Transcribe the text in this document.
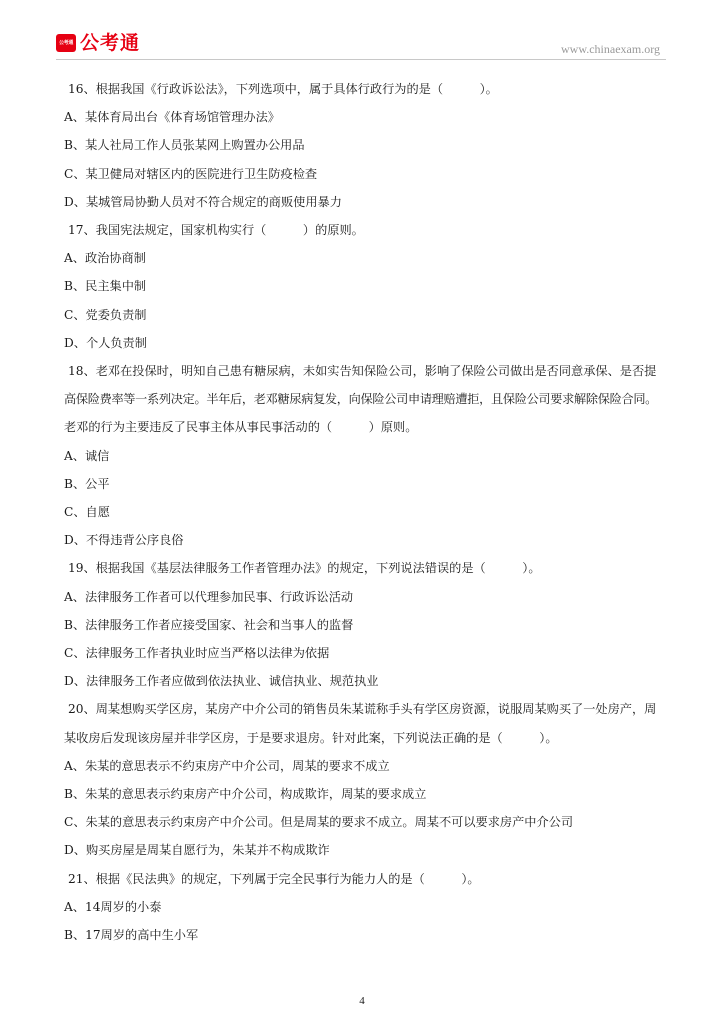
公考通 公考通	www.chinaexam.org
16、根据我国《行政诉讼法》，下列选项中，属于具体行政行为的是（　　　）。
A、某体育局出台《体育场馆管理办法》
B、某人社局工作人员张某网上购置办公用品
C、某卫健局对辖区内的医院进行卫生防疫检查
D、某城管局协勤人员对不符合规定的商贩使用暴力
17、我国宪法规定，国家机构实行（　　　）的原则。
A、政治协商制
B、民主集中制
C、党委负责制
D、个人负责制
18、老邓在投保时，明知自己患有糖尿病，未如实告知保险公司，影响了保险公司做出是否同意承保、是否提
高保险费率等一系列决定。半年后，老邓糖尿病复发，向保险公司申请理赔遭拒，且保险公司要求解除保险合同。
老邓的行为主要违反了民事主体从事民事活动的（　　　）原则。
A、诚信
B、公平
C、自愿
D、不得违背公序良俗
19、根据我国《基层法律服务工作者管理办法》的规定，下列说法错误的是（　　　）。
A、法律服务工作者可以代理参加民事、行政诉讼活动
B、法律服务工作者应接受国家、社会和当事人的监督
C、法律服务工作者执业时应当严格以法律为依据
D、法律服务工作者应做到依法执业、诚信执业、规范执业
20、周某想购买学区房，某房产中介公司的销售员朱某谎称手头有学区房资源，说服周某购买了一处房产，周
某收房后发现该房屋并非学区房，于是要求退房。针对此案，下列说法正确的是（　　　）。
A、朱某的意思表示不约束房产中介公司，周某的要求不成立
B、朱某的意思表示约束房产中介公司，构成欺诈，周某的要求成立
C、朱某的意思表示约束房产中介公司。但是周某的要求不成立。周某不可以要求房产中介公司
D、购买房屋是周某自愿行为，朱某并不构成欺诈
21、根据《民法典》的规定，下列属于完全民事行为能力人的是（　　　）。
A、14周岁的小泰
B、17周岁的高中生小军
4
